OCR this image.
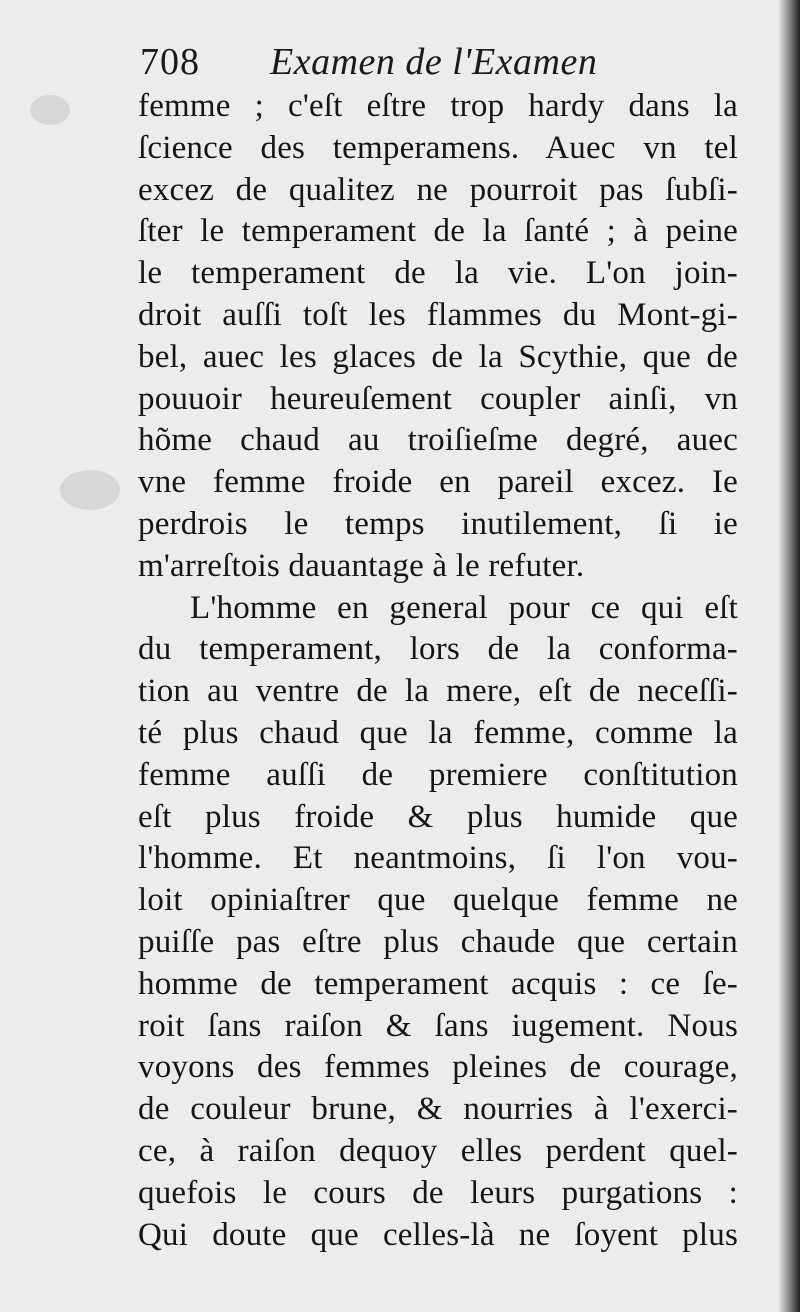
708 Examen de l'Examen
femme ; c'eſt eſtre trop hardy dans la
ſcience des temperamens. Auec vn tel
excez de qualitez ne pourroit pas ſubſi-
ſter le temperament de la ſanté ; à peine
le temperament de la vie. L'on join-
droit auſſi toſt les flammes du Mont-gi-
bel, auec les glaces de la Scythie, que de
pouuoir heureuſement coupler ainſi, vn
hõme chaud au troiſieſme degré, auec
vne femme froide en pareil excez. Ie
perdrois le temps inutilement, ſi ie
m'arreſtois dauantage à le refuter.
L'homme en general pour ce qui eſt
du temperament, lors de la conforma-
tion au ventre de la mere, eſt de neceſſi-
té plus chaud que la femme, comme la
femme auſſi de premiere conſtitution
eſt plus froide & plus humide que
l'homme. Et neantmoins, ſi l'on vou-
loit opiniaſtrer que quelque femme ne
puiſſe pas eſtre plus chaude que certain
homme de temperament acquis : ce ſe-
roit ſans raiſon & ſans iugement. Nous
voyons des femmes pleines de courage,
de couleur brune, & nourries à l'exerci-
ce, à raiſon dequoy elles perdent quel-
quefois le cours de leurs purgations :
Qui doute que celles-là ne ſoyent plus
